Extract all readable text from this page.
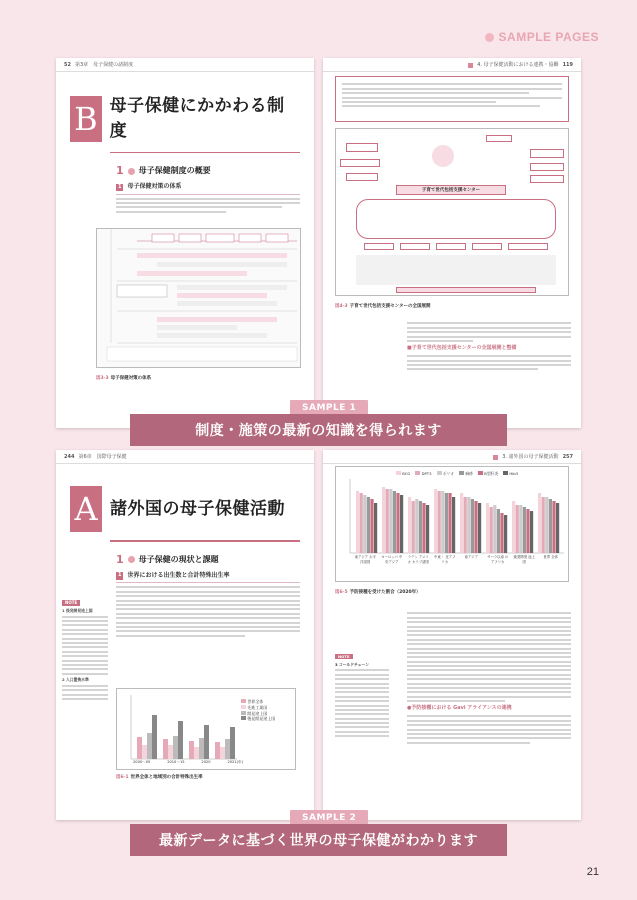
SAMPLE PAGES
52 第3章　母子保健の諸制度
B 母子保健にかかわる制度
1 母子保健制度の概要
1	母子保健対策の体系
図3-3 母子保健対策の体系
4. 母子保健活動における連携・協働 119
子育て世代包括支援センター
図4-3 子育て世代包括支援センターの全国展開
■子育て世代包括支援センターの全国展開と整備
SAMPLE 1
制度・施策の最新の知識を得られます
244 第6章　国際母子保健
A 諸外国の母子保健活動
1 母子保健の現状と課題
1	世界における出生数と合計特殊出生率
NOTE
1 後発開発途上国
2 人口置換水準
世界全体
先進工業国
開発途上国
後発開発途上国
2000〜05	2010〜15	2020	2021(年)
図6-1 世界全体と地域別の合計特殊出生率
3. 諸外国の母子保健活動 257
BCG	DPT3	ポリオ	麻疹	B型肝炎	Hib3
東アジア 太平洋諸国
ヨーロッパ 中央アジア
ラテン アメリカ カリブ諸国
中東・ 北アフリカ
南アジア	サハラ以南 のアフリカ
後発開発 途上国
世界 全体
図6-5 予防接種を受けた割合（2020年）
NOTE
3 コールドチェーン
●予防接種における Gavi アライアンスの連携
SAMPLE 2
最新データに基づく世界の母子保健がわかります
21
